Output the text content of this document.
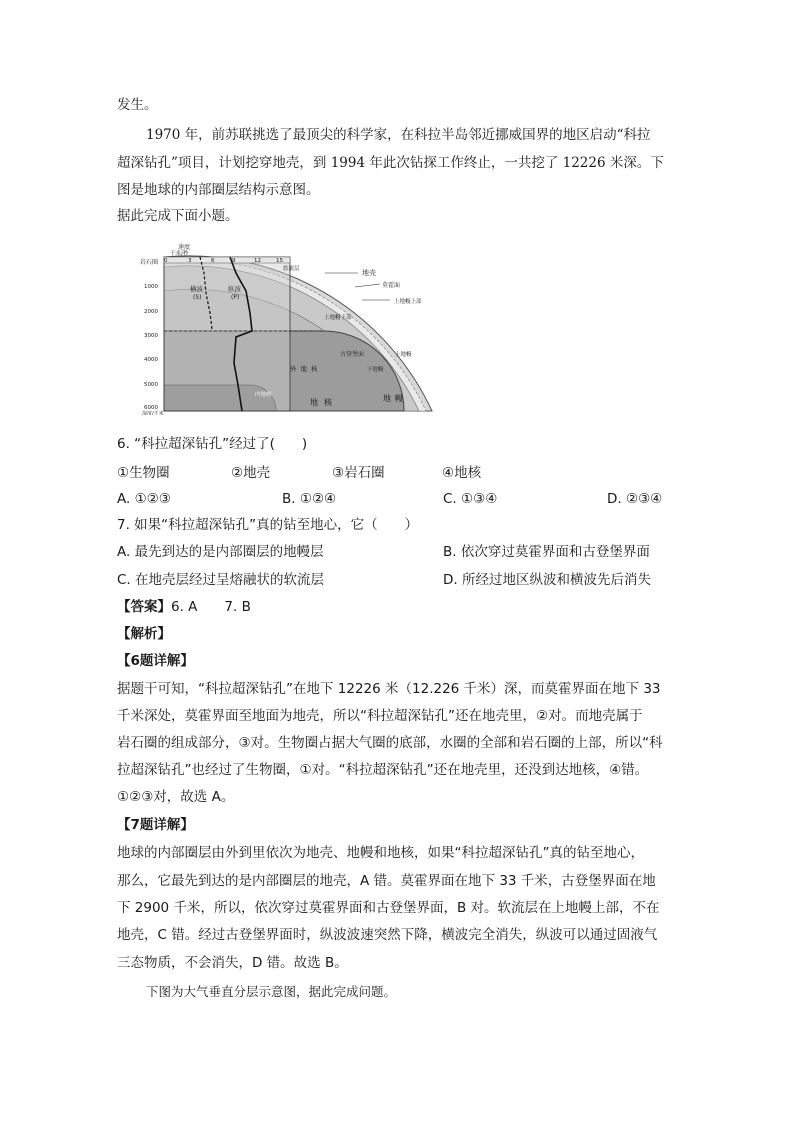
发生。
1970 年，前苏联挑选了最顶尖的科学家，在科拉半岛邻近挪威国界的地区启动“科拉
超深钻孔”项目，计划挖穿地壳，到 1994 年此次钻探工作终止，一共挖了 12226 米深。下
图是地球的内部圈层结构示意图。
据此完成下面小题。
速度
千米/秒
0	3	6	9	12	15
岩石圈
1000
2000
3000
4000
5000
6000
深度/千米
横波
(S)
纵波
(P)
软流层	地壳
莫霍面
上地幔上部
上地幔下部
古登堡面	上地幔
下地幔
外地核
内地核
地核	地幔
6. “科拉超深钻孔”经过了(　　)
①生物圈	②地壳	③岩石圈	④地核
A. ①②③	B. ①②④	C. ①③④	D. ②③④
7. 如果“科拉超深钻孔”真的钻至地心，它（　　）
A. 最先到达的是内部圈层的地幔层	B. 依次穿过莫霍界面和古登堡界面
C. 在地壳层经过呈熔融状的软流层	D. 所经过地区纵波和横波先后消失
【答案】6. A　　7. B
【解析】
【6题详解】
据题干可知，“科拉超深钻孔”在地下 12226 米（12.226 千米）深，而莫霍界面在地下 33
千米深处，莫霍界面至地面为地壳，所以“科拉超深钻孔”还在地壳里，②对。而地壳属于
岩石圈的组成部分，③对。生物圈占据大气圈的底部，水圈的全部和岩石圈的上部，所以“科
拉超深钻孔”也经过了生物圈，①对。“科拉超深钻孔”还在地壳里，还没到达地核，④错。
①②③对，故选 A。
【7题详解】
地球的内部圈层由外到里依次为地壳、地幔和地核，如果“科拉超深钻孔”真的钻至地心，
那么，它最先到达的是内部圈层的地壳，A 错。莫霍界面在地下 33 千米，古登堡界面在地
下 2900 千米，所以，依次穿过莫霍界面和古登堡界面，B 对。软流层在上地幔上部，不在
地壳，C 错。经过古登堡界面时，纵波波速突然下降，横波完全消失，纵波可以通过固液气
三态物质，不会消失，D 错。故选 B。
下图为大气垂直分层示意图，据此完成问题。
